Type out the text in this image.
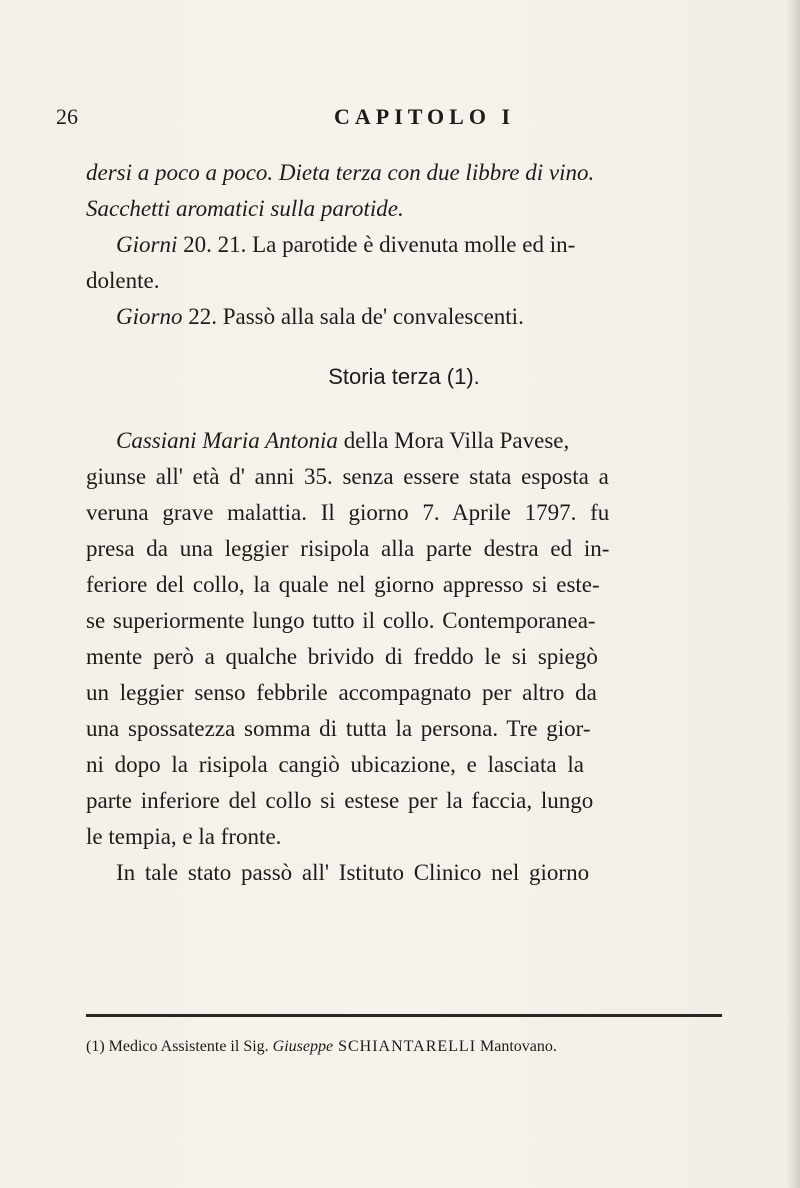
26	CAPITOLO I
dersi a poco a poco. Dieta terza con due libbre di vino.
Sacchetti aromatici sulla parotide.
Giorni 20. 21. La parotide è divenuta molle ed in-
dolente.
Giorno 22. Passò alla sala de' convalescenti.
Storia terza (1).
Cassiani Maria Antonia della Mora Villa Pavese,
giunse all' età d' anni 35. senza essere stata esposta a
veruna grave malattia. Il giorno 7. Aprile 1797. fu
presa da una leggier risipola alla parte destra ed in-
feriore del collo, la quale nel giorno appresso si este-
se superiormente lungo tutto il collo. Contemporanea-
mente però a qualche brivido di freddo le si spiegò
un leggier senso febbrile accompagnato per altro da
una spossatezza somma di tutta la persona. Tre gior-
ni dopo la risipola cangiò ubicazione, e lasciata la
parte inferiore del collo si estese per la faccia, lungo
le tempia, e la fronte.
In tale stato passò all' Istituto Clinico nel giorno
(1) Medico Assistente il Sig. Giuseppe SCHIANTARELLI Mantovano.
